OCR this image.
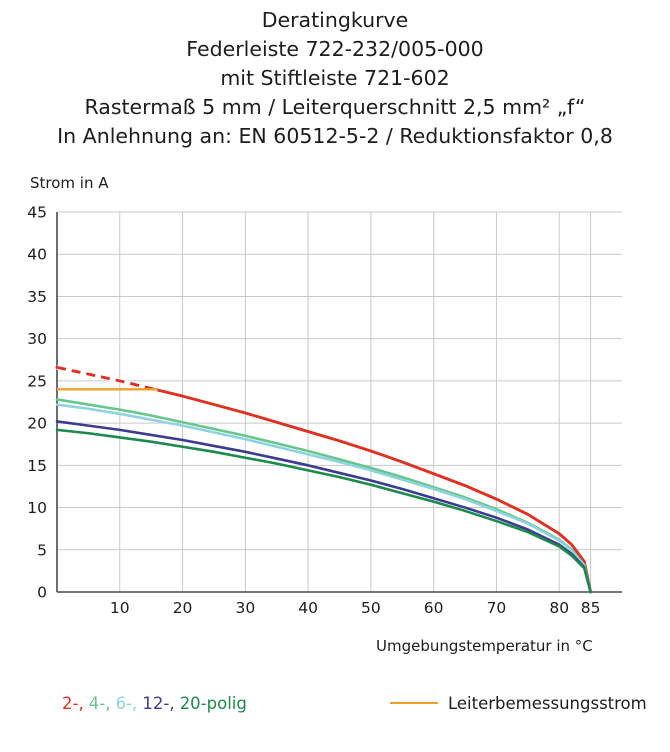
Deratingkurve
Federleiste 722-232/005-000
mit Stiftleiste 721-602
Rastermaß 5 mm / Leiterquerschnitt 2,5 mm² „f“
In Anlehnung an: EN 60512-5-2 / Reduktionsfaktor 0,8
Strom in A
Umgebungstemperatur in °C
0
5
10
15
20
25
30
35
40
45
10	20	30	40	50	60	70	80 85
2-, 4-, 6-, 12-, 20-polig	Leiterbemessungsstrom
